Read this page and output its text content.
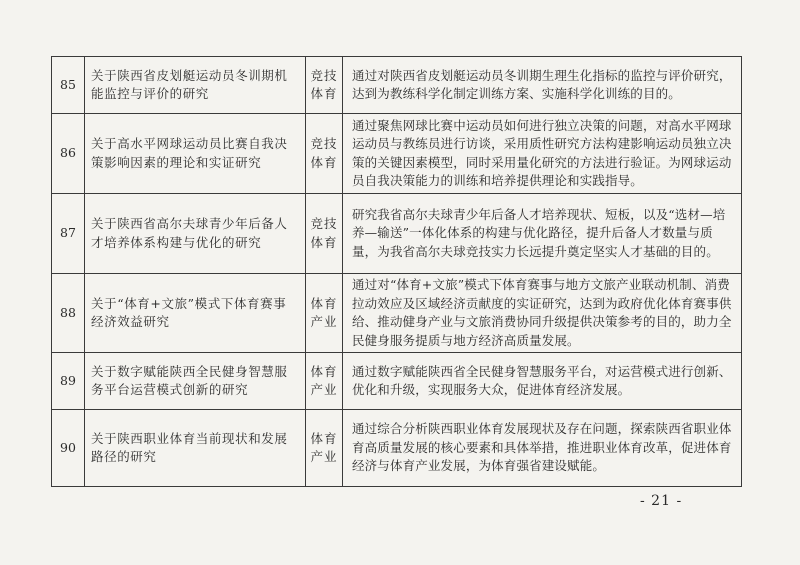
85	关于陕西省皮划艇运动员冬训期机能监控与评价的研究	竞技体育	通过对陕西省皮划艇运动员冬训期生理生化指标的监控与评价研究，达到为教练科学化制定训练方案、实施科学化训练的目的。
86	关于高水平网球运动员比赛自我决策影响因素的理论和实证研究	竞技体育	通过聚焦网球比赛中运动员如何进行独立决策的问题，对高水平网球运动员与教练员进行访谈，采用质性研究方法构建影响运动员独立决策的关键因素模型，同时采用量化研究的方法进行验证。为网球运动员自我决策能力的训练和培养提供理论和实践指导。
87	关于陕西省高尔夫球青少年后备人才培养体系构建与优化的研究	竞技体育	研究我省高尔夫球青少年后备人才培养现状、短板，以及“选材—培养—输送”一体化体系的构建与优化路径，提升后备人才数量与质量，为我省高尔夫球竞技实力长远提升奠定坚实人才基础的目的。
88	关于“体育+文旅”模式下体育赛事经济效益研究	体育产业	通过对“体育+文旅”模式下体育赛事与地方文旅产业联动机制、消费拉动效应及区域经济贡献度的实证研究，达到为政府优化体育赛事供给、推动健身产业与文旅消费协同升级提供决策参考的目的，助力全民健身服务提质与地方经济高质量发展。
89	关于数字赋能陕西全民健身智慧服务平台运营模式创新的研究	体育产业	通过数字赋能陕西省全民健身智慧服务平台，对运营模式进行创新、优化和升级，实现服务大众，促进体育经济发展。
90	关于陕西职业体育当前现状和发展路径的研究	体育产业	通过综合分析陕西职业体育发展现状及存在问题，探索陕西省职业体育高质量发展的核心要素和具体举措，推进职业体育改革，促进体育经济与体育产业发展，为体育强省建设赋能。
- 21 -
